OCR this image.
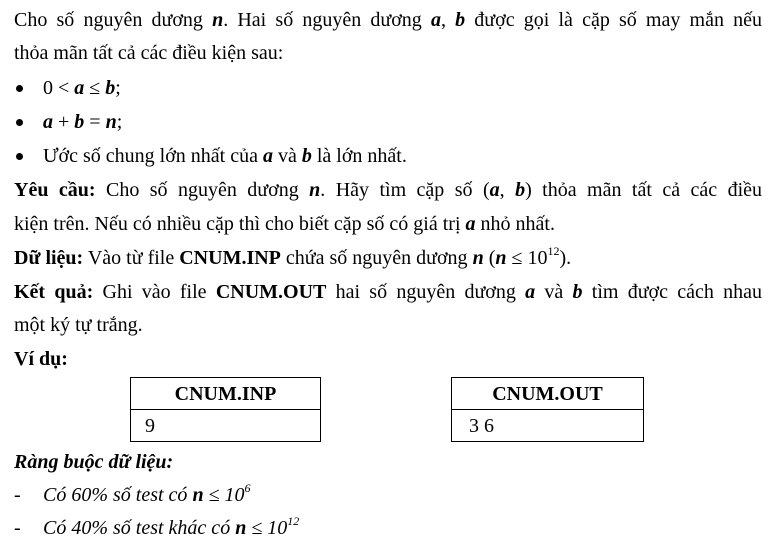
Cho số nguyên dương n. Hai số nguyên dương a, b được gọi là cặp số may mắn nếu
thỏa mãn tất cả các điều kiện sau:
0 < a ≤ b;
a + b = n;
Ước số chung lớn nhất của a và b là lớn nhất.
Yêu cầu: Cho số nguyên dương n. Hãy tìm cặp số (a, b) thỏa mãn tất cả các điều
kiện trên. Nếu có nhiều cặp thì cho biết cặp số có giá trị a nhỏ nhất.
Dữ liệu: Vào từ file CNUM.INP chứa số nguyên dương n $(n \le 10^{12})$.
Kết quả: Ghi vào file CNUM.OUT hai số nguyên dương a và b tìm được cách nhau
một ký tự trắng.
Ví dụ:
CNUM.INP
9
CNUM.OUT
3 6
Ràng buộc dữ liệu:
- Có 60% số test có $n \le 10^6$
- Có 40% số test khác có $n \le 10^{12}$
